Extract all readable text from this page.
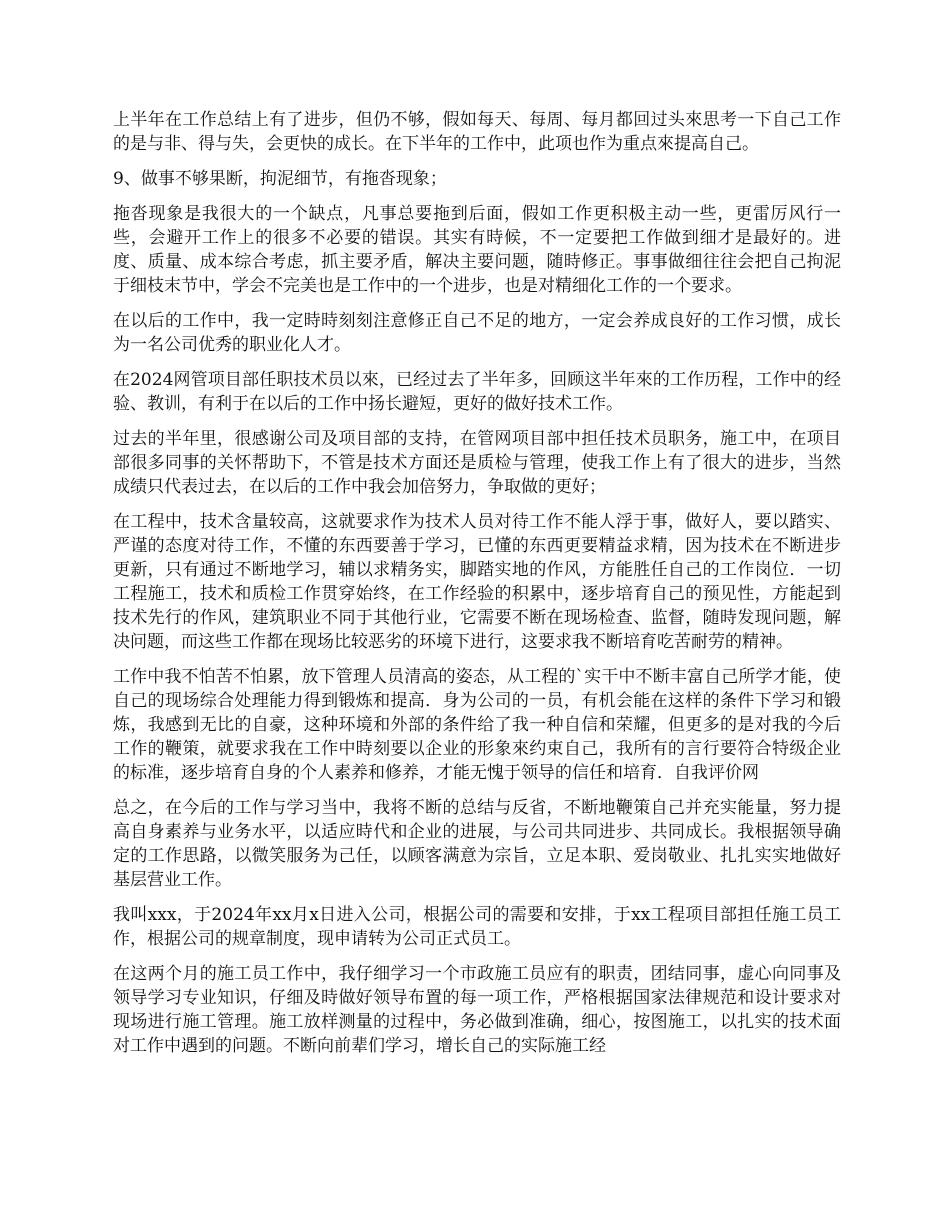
上半年在工作总结上有了进步，但仍不够，假如每天、每周、每月都回过头來思考一下自己工作的是与非、得与失，会更快的成长。在下半年的工作中，此项也作为重点來提高自己。

9、做事不够果断，拘泥细节，有拖沓现象；

拖沓现象是我很大的一个缺点，凡事总要拖到后面，假如工作更积极主动一些，更雷厉风行一些，会避开工作上的很多不必要的错误。其实有時候，不一定要把工作做到细才是最好的。进度、质量、成本综合考虑，抓主要矛盾，解决主要问题，随時修正。事事做细往往会把自己拘泥于细枝末节中，学会不完美也是工作中的一个进步，也是对精细化工作的一个要求。

在以后的工作中，我一定時時刻刻注意修正自己不足的地方，一定会养成良好的工作习惯，成长为一名公司优秀的职业化人才。

在2024网管项目部任职技术员以來，已经过去了半年多，回顾这半年來的工作历程，工作中的经验、教训，有利于在以后的工作中扬长避短，更好的做好技术工作。

过去的半年里，很感谢公司及项目部的支持，在管网项目部中担任技术员职务，施工中，在项目部很多同事的关怀帮助下，不管是技术方面还是质检与管理，使我工作上有了很大的进步，当然成绩只代表过去，在以后的工作中我会加倍努力，争取做的更好；

在工程中，技术含量较高，这就要求作为技术人员对待工作不能人浮于事，做好人，要以踏实、严谨的态度对待工作，不懂的东西要善于学习，已懂的东西更要精益求精，因为技术在不断进步更新，只有通过不断地学习，辅以求精务实，脚踏实地的作风，方能胜任自己的工作岗位．一切工程施工，技术和质检工作贯穿始终，在工作经验的积累中，逐步培育自己的预见性，方能起到技术先行的作风，建筑职业不同于其他行业，它需要不断在现场检查、监督，随時发现问题，解决问题，而这些工作都在现场比较恶劣的环境下进行，这要求我不断培育吃苦耐劳的精神。

工作中我不怕苦不怕累，放下管理人员清高的姿态，从工程的`实干中不断丰富自己所学才能，使自己的现场综合处理能力得到锻炼和提高．身为公司的一员，有机会能在这样的条件下学习和锻炼，我感到无比的自豪，这种环境和外部的条件给了我一种自信和荣耀，但更多的是对我的今后工作的鞭策，就要求我在工作中時刻要以企业的形象來约束自己，我所有的言行要符合特级企业的标准，逐步培育自身的个人素养和修养，才能无愧于领导的信任和培育．自我评价网

总之，在今后的工作与学习当中，我将不断的总结与反省，不断地鞭策自己并充实能量，努力提高自身素养与业务水平，以适应時代和企业的进展，与公司共同进步、共同成长。我根据领导确定的工作思路，以微笑服务为己任，以顾客满意为宗旨，立足本职、爱岗敬业、扎扎实实地做好基层营业工作。

我叫xxx，于2024年xx月x日进入公司，根据公司的需要和安排，于xx工程项目部担任施工员工作，根据公司的规章制度，现申请转为公司正式员工。

在这两个月的施工员工作中，我仔细学习一个市政施工员应有的职责，团结同事，虚心向同事及领导学习专业知识，仔细及時做好领导布置的每一项工作，严格根据国家法律规范和设计要求对现场进行施工管理。施工放样测量的过程中，务必做到准确，细心，按图施工，以扎实的技术面对工作中遇到的问题。不断向前辈们学习，增长自己的实际施工经
